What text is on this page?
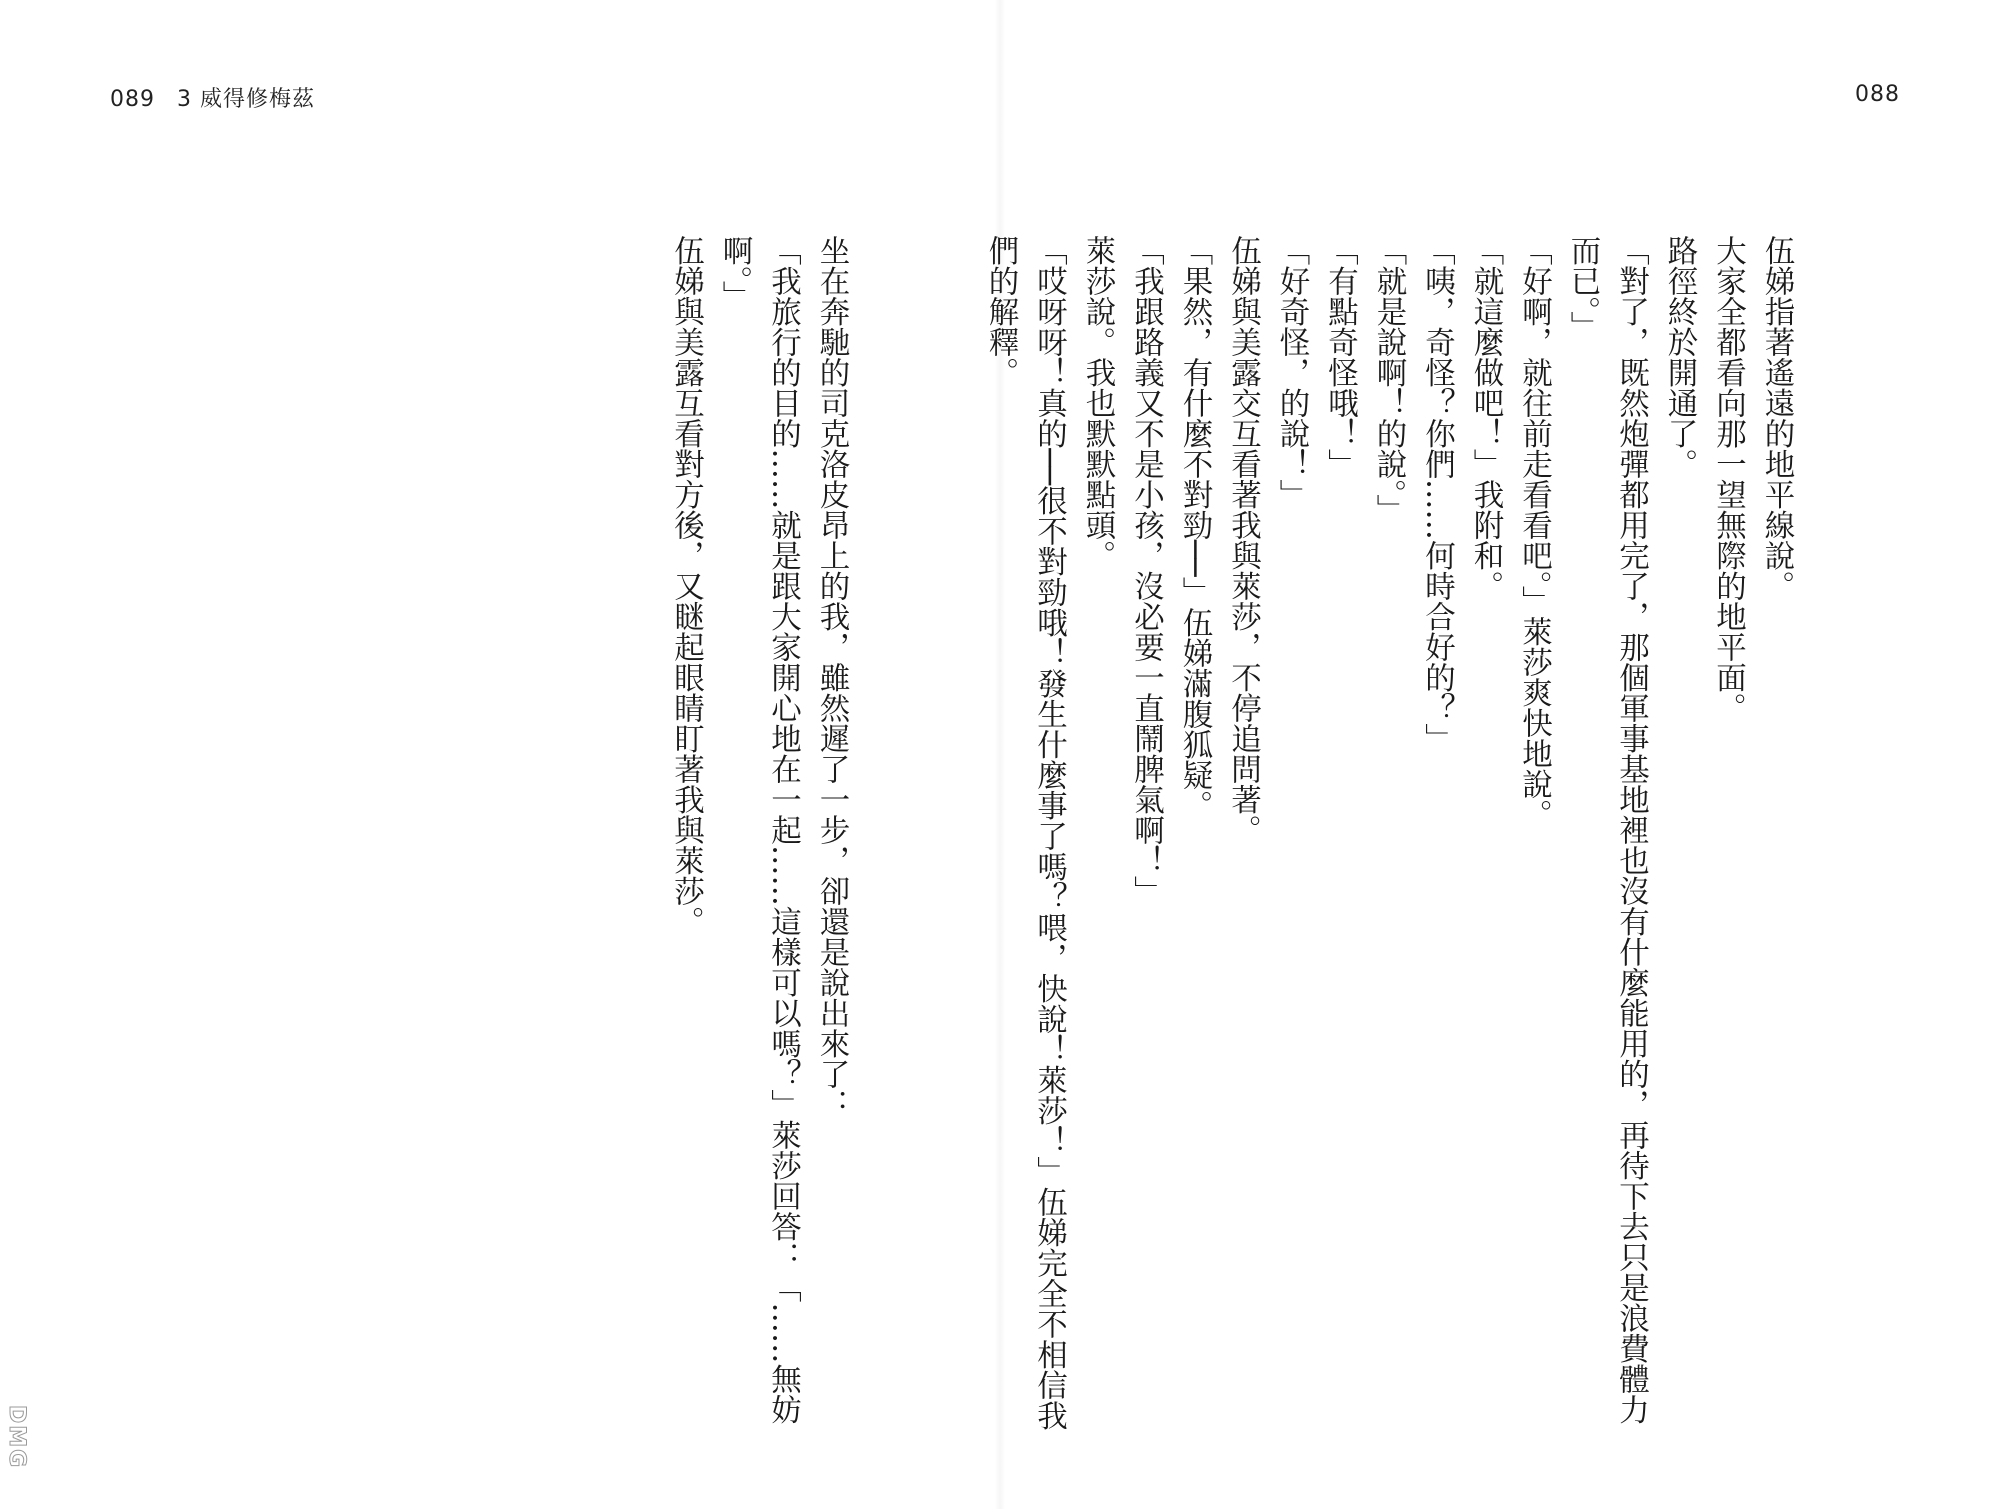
089 3 威得修梅茲

坐在奔馳的司克洛皮昂上的我，雖然遲了一步，卻還是說出來了：

「我旅行的目的……就是跟大家開心地在一起……這樣可以嗎？」萊莎回答：「……無妨啊。」

伍娣與美露互看對方後，又瞇起眼睛盯著我與萊莎。

DMG
088

伍娣指著遙遠的地平線說。

大家全都看向那一望無際的地平面。

路徑終於開通了。

「對了，既然炮彈都用完了，那個軍事基地裡也沒有什麼能用的，再待下去只是浪費體力而已。」

「好啊，就往前走看看吧。」萊莎爽快地說。

「就這麼做吧！」我附和。

「咦，奇怪？你們……何時合好的？」

「就是說啊！的說。」

「有點奇怪哦！」

「好奇怪，的說！」

伍娣與美露交互看著我與萊莎，不停追問著。

「果然，有什麼不對勁──」伍娣滿腹狐疑。

「我跟路義又不是小孩，沒必要一直鬧脾氣啊！」

萊莎說。我也默默點頭。

「哎呀呀！真的──很不對勁哦！發生什麼事了嗎？喂，快說！萊莎！」伍娣完全不相信我們的解釋。
